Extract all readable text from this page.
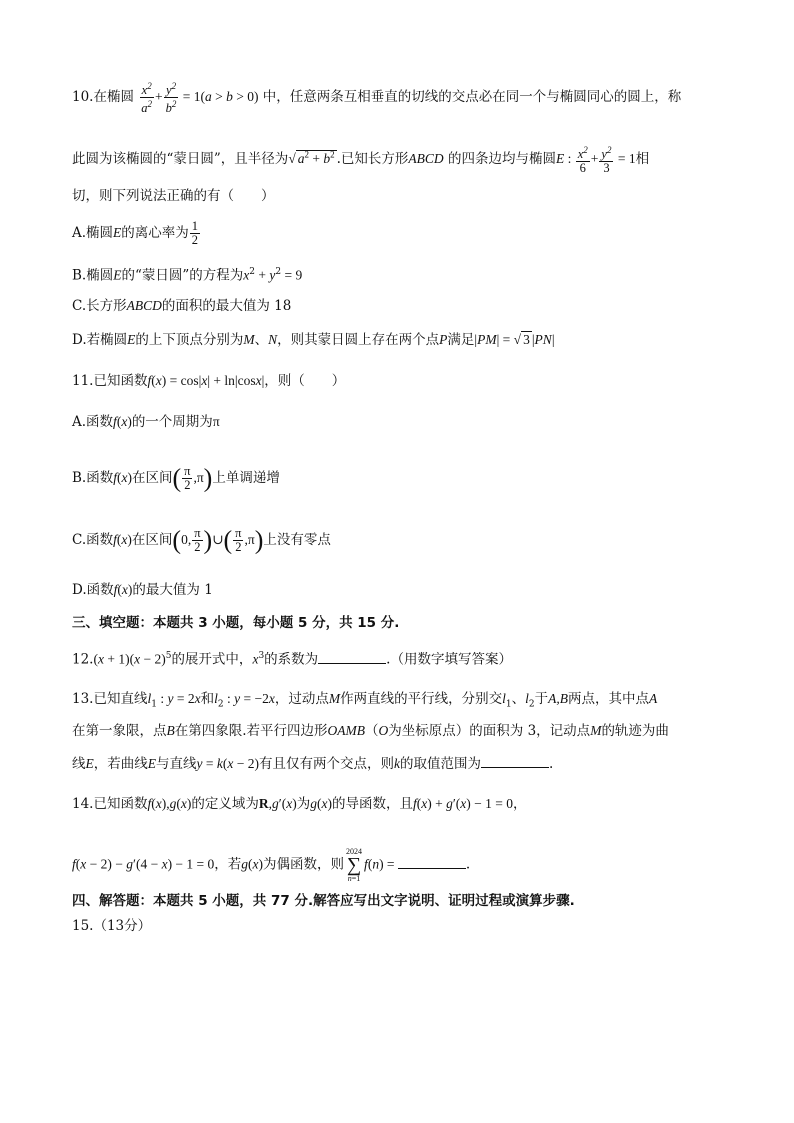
10.在椭圆 $\frac{x^2}{a^2} + \frac{y^2}{b^2} = 1(a > b > 0)$ 中，任意两条互相垂直的切线的交点必在同一个与椭圆同心的圆上，称
此圆为该椭圆的“蒙日圆”，且半径为√ $a^2 + b^2$ .已知长方形ABCD 的四条边均与椭圆E : $\frac{x^2}{6} + \frac{y^2}{3} = 1$相
切，则下列说法正确的有（　　）
A.椭圆E的离心率为 $\frac{1}{2}$
B.椭圆E的“蒙日圆”的方程为$x^2 + y^2 = 9$
C.长方形ABCD的面积的最大值为 18
D.若椭圆E的上下顶点分别为M、N，则其蒙日圆上存在两个点P满足|PM| = √ 3 |PN|
11.已知函数f(x) = cos|x| + ln|cosx|，则（　　）
A.函数f(x)的一个周期为π
B.函数f(x)在区间( $\frac{\pi}{2} ,\pi$)上单调递增
C.函数f(x)在区间(0, $\frac{\pi}{2}$ )∪( $\frac{\pi}{2} ,\pi$)上没有零点
D.函数f(x)的最大值为 1
三、填空题：本题共 3 小题，每小题 5 分，共 15 分.
$12.(x + 1)(x - 2)^5$的展开式中，$x^3$的系数为	.（用数字填写答案）
13.已知直线$l_1$ : y = 2x和$l_2$ : y = −2x，过动点M作两直线的平行线，分别交$l_1$、$l_2$于A,B两点，其中点A
在第一象限，点B在第四象限.若平行四边形OAMB（O为坐标原点）的面积为 3，记动点M的轨迹为曲
线E，若曲线E与直线y = k(x − 2)有且仅有两个交点，则k的取值范围为	.
14.已知函数f(x),g(x)的定义域为R,g′(x)为g(x)的导函数，且f(x) + g′(x) − 1 = 0，
f(x − 2) − g′(4 − x) − 1 = 0，若g(x)为偶函数，则
2024
∑
n=1
f(n) =	.
四、解答题：本题共 5 小题，共 77 分.解答应写出文字说明、证明过程或演算步骤.
15.（13分）
